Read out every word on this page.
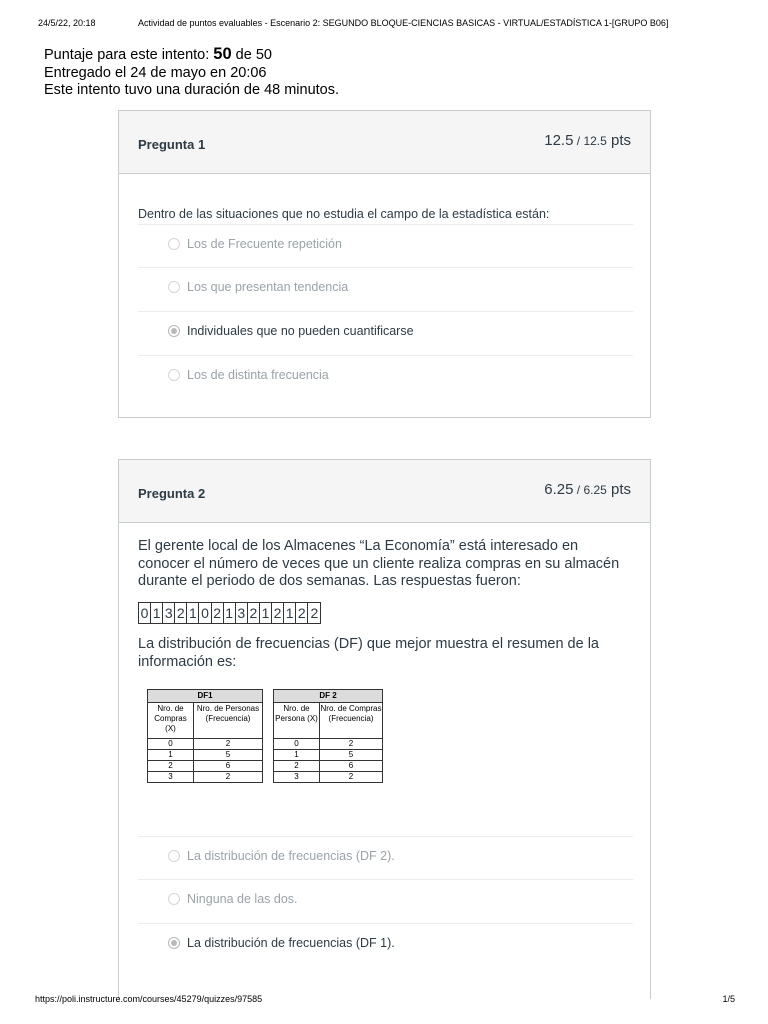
24/5/22, 20:18	Actividad de puntos evaluables - Escenario 2: SEGUNDO BLOQUE-CIENCIAS BASICAS - VIRTUAL/ESTADÍSTICA 1-[GRUPO B06]
Puntaje para este intento: 50 de 50
Entregado el 24 de mayo en 20:06
Este intento tuvo una duración de 48 minutos.
Pregunta 1	12.5 / 12.5 pts
Dentro de las situaciones que no estudia el campo de la estadística están:
Los de Frecuente repetición
Los que presentan tendencia
Individuales que no pueden cuantificarse
Los de distinta frecuencia
Pregunta 2	6.25 / 6.25 pts
El gerente local de los Almacenes “La Economía” está interesado en conocer el número de veces que un cliente realiza compras en su almacén durante el periodo de dos semanas. Las respuestas fueron:
0 1 3 2 1 0 2 1 3 2 1 2 1 2 2
La distribución de frecuencias (DF) que mejor muestra el resumen de la información es:
DF1	
Nro. de Compras (X)	Nro. de Personas (Frecuencia)
0	2
1	5
2	6
3	2
DF 2	
Nro. de Persona (X)	Nro. de Compras (Frecuencia)
0	2
1	5
2	6
3	2
La distribución de frecuencias (DF 2).
Ninguna de las dos.
La distribución de frecuencias (DF 1).
https://poli.instructure.com/courses/45279/quizzes/97585	1/5
